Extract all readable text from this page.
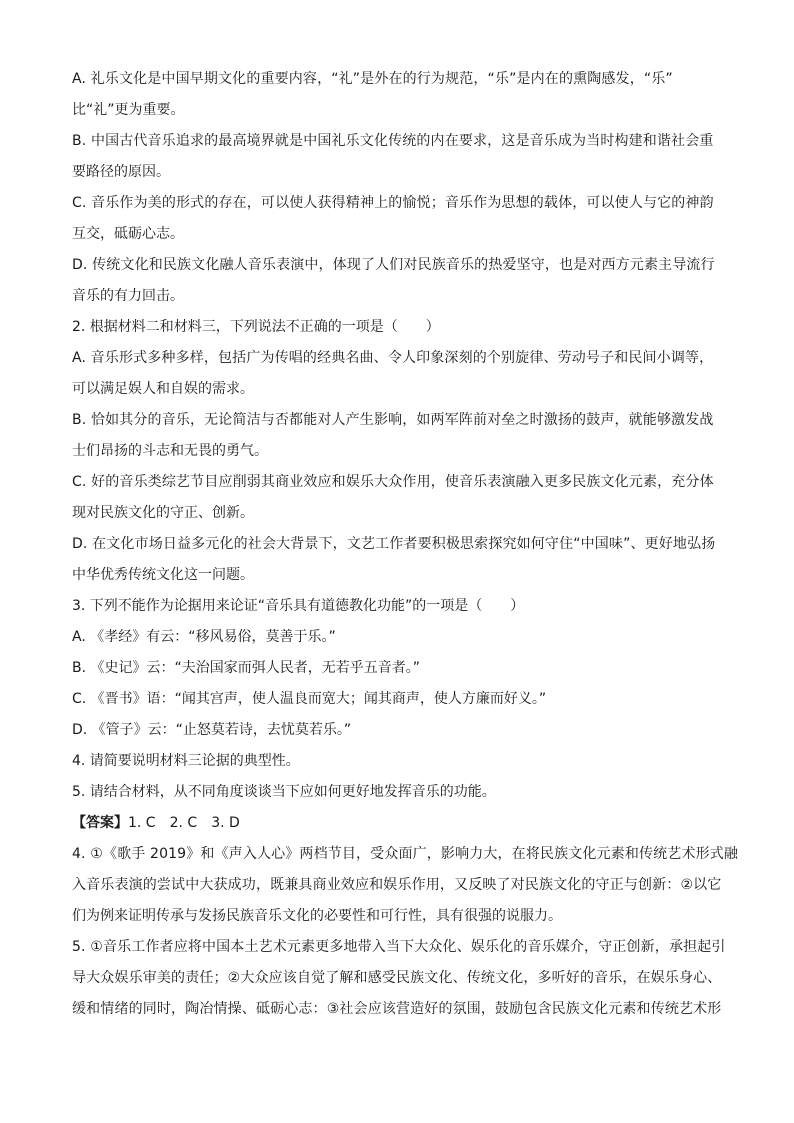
A. 礼乐文化是中国早期文化的重要内容，“礼”是外在的行为规范，“乐”是内在的熏陶感发，“乐”
比“礼”更为重要。
B. 中国古代音乐追求的最高境界就是中国礼乐文化传统的内在要求，这是音乐成为当时构建和谐社会重
要路径的原因。
C. 音乐作为美的形式的存在，可以使人获得精神上的愉悦；音乐作为思想的载体，可以使人与它的神韵
互交，砥砺心志。
D. 传统文化和民族文化融人音乐表演中，体现了人们对民族音乐的热爱坚守，也是对西方元素主导流行
音乐的有力回击。
2. 根据材料二和材料三，下列说法不正确的一项是（　　）
A. 音乐形式多种多样，包括广为传唱的经典名曲、令人印象深刻的个别旋律、劳动号子和民间小调等，
可以满足娱人和自娱的需求。
B. 恰如其分的音乐，无论简洁与否都能对人产生影响，如两军阵前对垒之时激扬的鼓声，就能够激发战
士们昂扬的斗志和无畏的勇气。
C. 好的音乐类综艺节目应削弱其商业效应和娱乐大众作用，使音乐表演融入更多民族文化元素，充分体
现对民族文化的守正、创新。
D. 在文化市场日益多元化的社会大背景下，文艺工作者要积极思索探究如何守住“中国味”、更好地弘扬
中华优秀传统文化这一问题。
3. 下列不能作为论据用来论证“音乐具有道德教化功能”的一项是（　　）
A. 《孝经》有云：“移风易俗，莫善于乐。”
B. 《史记》云：“夫治国家而弭人民者，无若乎五音者。”
C. 《晋书》语：“闻其宫声，使人温良而宽大；闻其商声，使人方廉而好义。”
D. 《管子》云：“止怒莫若诗，去忧莫若乐。”
4. 请简要说明材料三论据的典型性。
5. 请结合材料，从不同角度谈谈当下应如何更好地发挥音乐的功能。
【答案】1. C 2. C 3. D
4. ①《歌手 2019》和《声入人心》两档节目，受众面广，影响力大，在将民族文化元素和传统艺术形式融
入音乐表演的尝试中大获成功，既兼具商业效应和娱乐作用，又反映了对民族文化的守正与创新：②以它
们为例来证明传承与发扬民族音乐文化的必要性和可行性，具有很强的说服力。
5. ①音乐工作者应将中国本土艺术元素更多地带入当下大众化、娱乐化的音乐媒介，守正创新，承担起引
导大众娱乐审美的责任；②大众应该自觉了解和感受民族文化、传统文化，多听好的音乐，在娱乐身心、
缓和情绪的同时，陶冶情操、砥砺心志：③社会应该营造好的氛围，鼓励包含民族文化元素和传统艺术形
